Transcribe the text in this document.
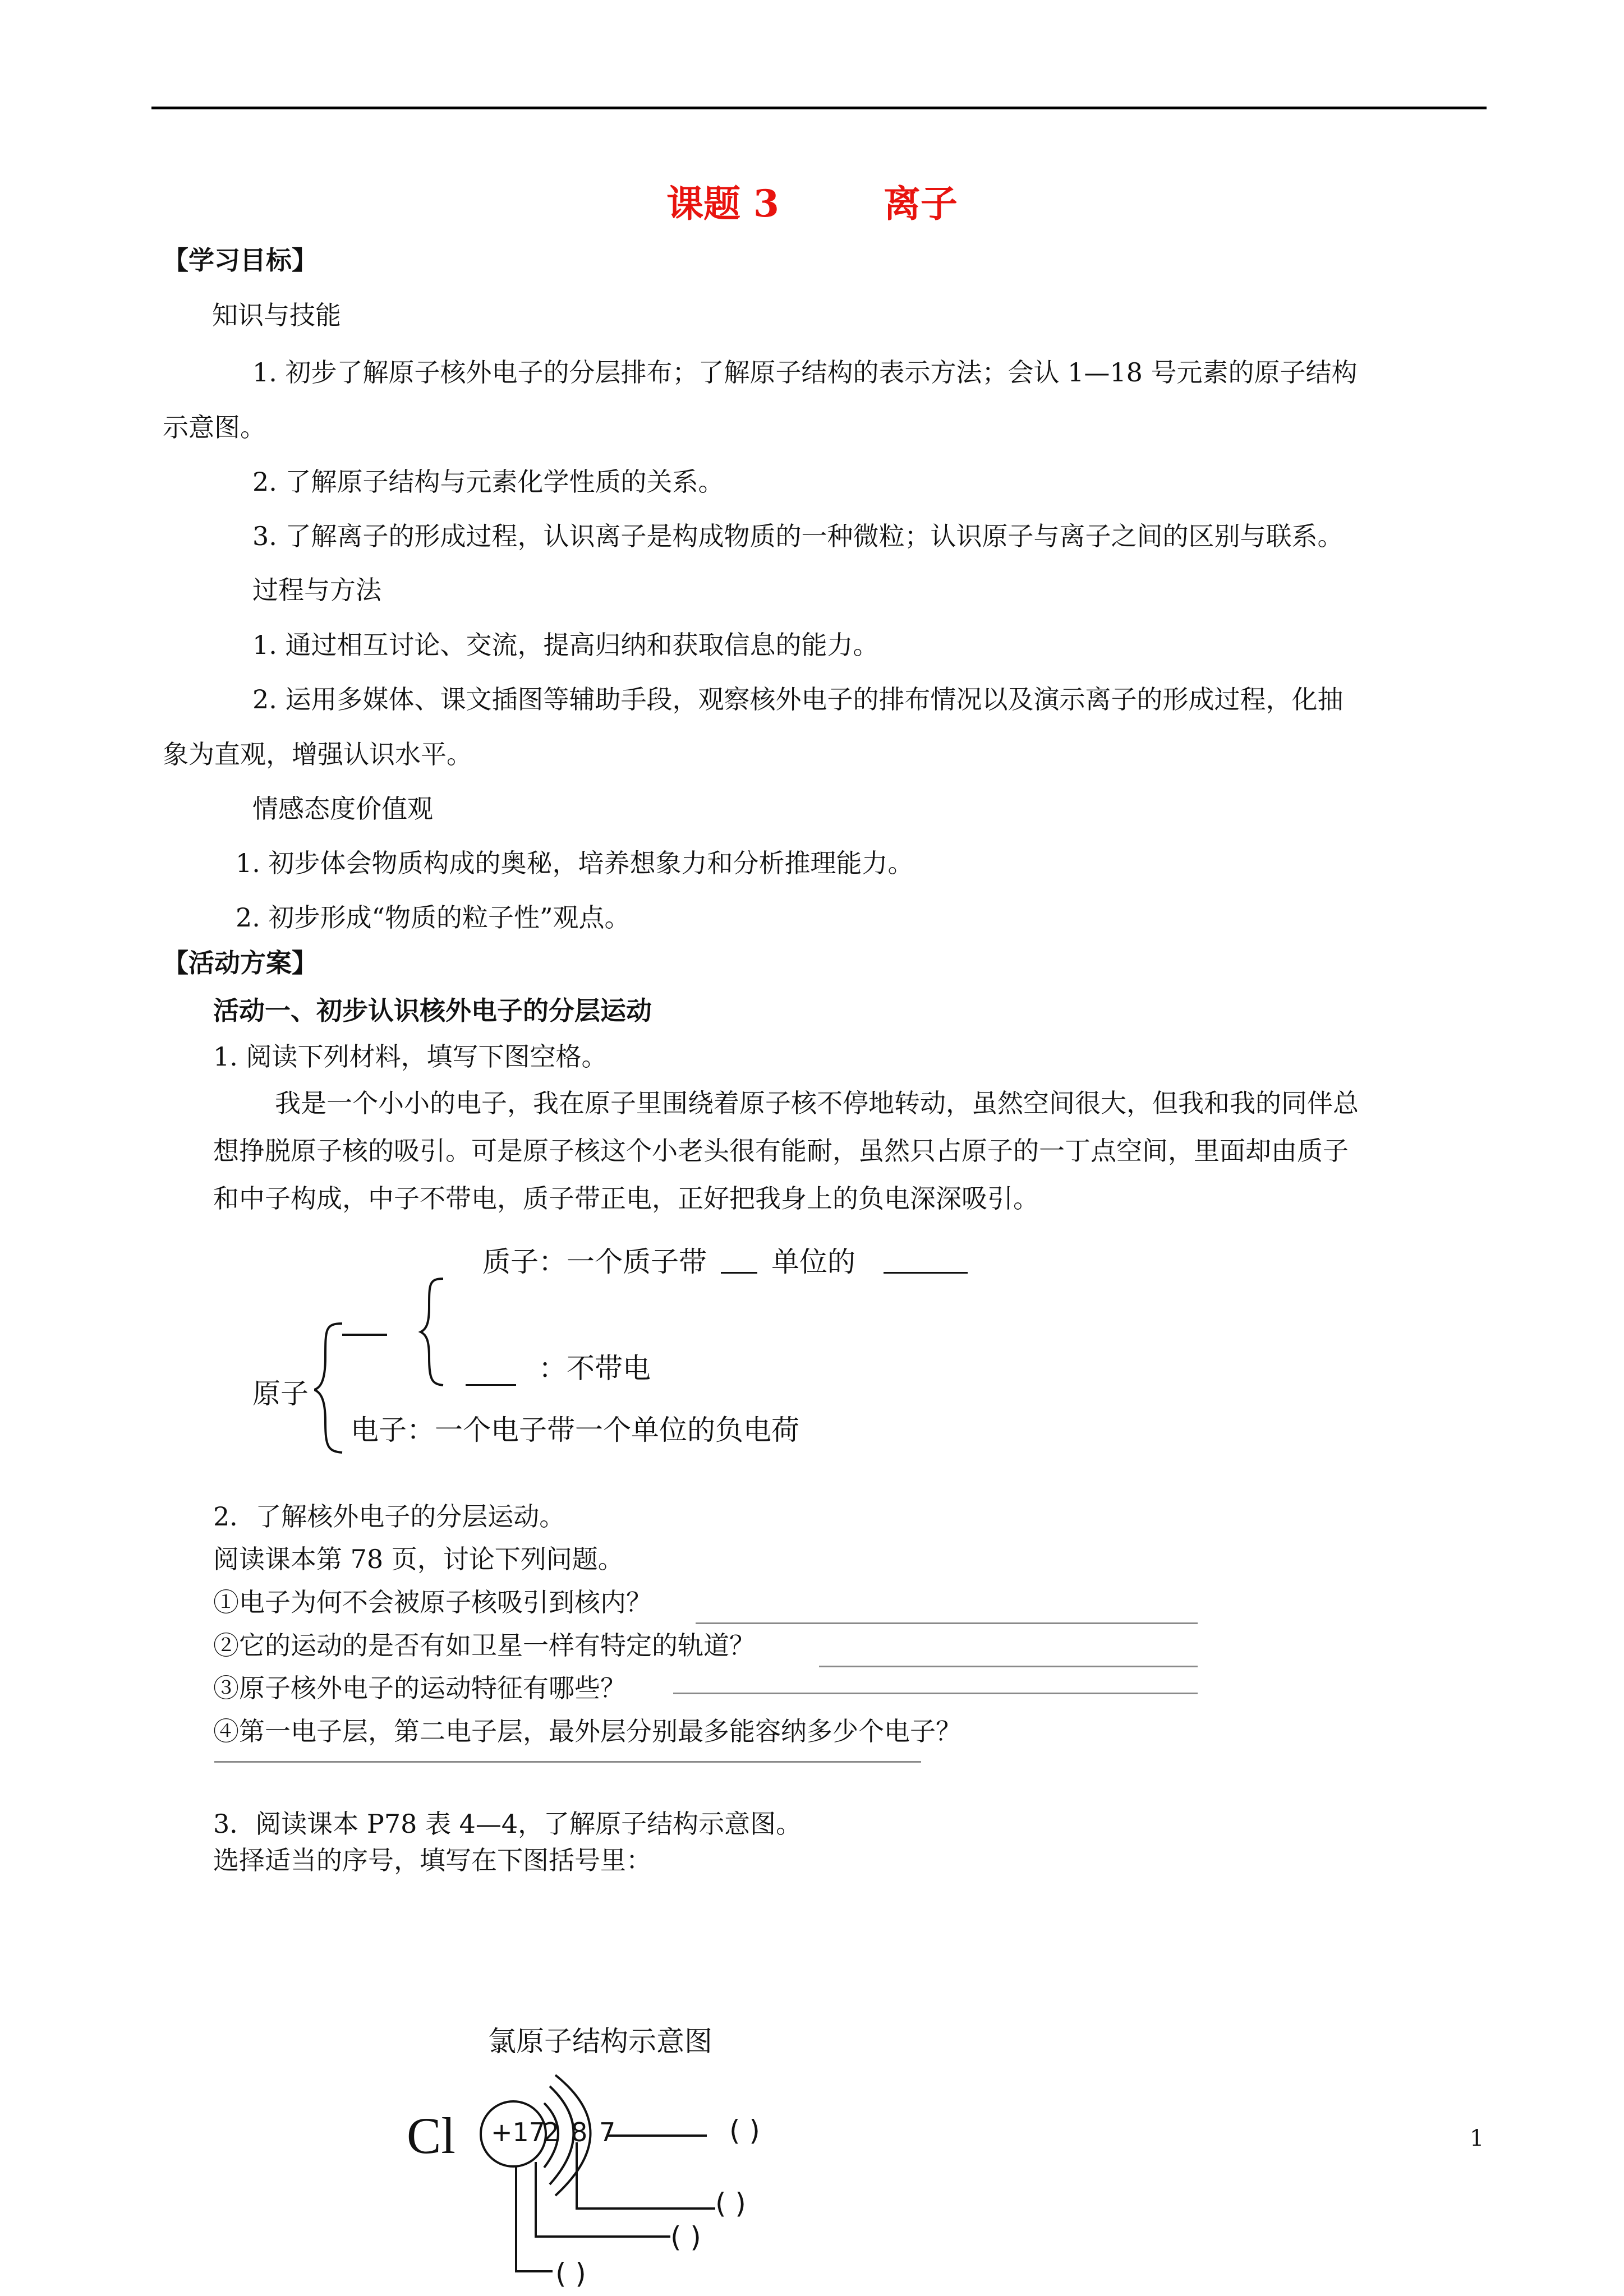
课题 3	离子
【学习目标】
知识与技能
1. 初步了解原子核外电子的分层排布；了解原子结构的表示方法；会认 1—18 号元素的原子结构
示意图。
2. 了解原子结构与元素化学性质的关系。
3. 了解离子的形成过程，认识离子是构成物质的一种微粒；认识原子与离子之间的区别与联系。
过程与方法
1. 通过相互讨论、交流，提高归纳和获取信息的能力。
2. 运用多媒体、课文插图等辅助手段，观察核外电子的排布情况以及演示离子的形成过程，化抽
象为直观，增强认识水平。
情感态度价值观
1. 初步体会物质构成的奥秘，培养想象力和分析推理能力。
2. 初步形成“物质的粒子性”观点。
【活动方案】
活动一、初步认识核外电子的分层运动
1. 阅读下列材料，填写下图空格。
我是一个小小的电子，我在原子里围绕着原子核不停地转动，虽然空间很大，但我和我的同伴总
想挣脱原子核的吸引。可是原子核这个小老头很有能耐，虽然只占原子的一丁点空间，里面却由质子
和中子构成，中子不带电，质子带正电，正好把我身上的负电深深吸引。
原子
质子：一个质子带 单位的
：不带电
电子：一个电子带一个单位的负电荷
2．了解核外电子的分层运动。
阅读课本第 78 页，讨论下列问题。
①电子为何不会被原子核吸引到核内？
②它的运动的是否有如卫星一样有特定的轨道？
③原子核外电子的运动特征有哪些？
④第一电子层，第二电子层，最外层分别最多能容纳多少个电子？
3．阅读课本 P78 表 4—4，了解原子结构示意图。
选择适当的序号，填写在下图括号里：
氯原子结构示意图
Cl +17
2 8 7	( )
( )
( )
( )
1
